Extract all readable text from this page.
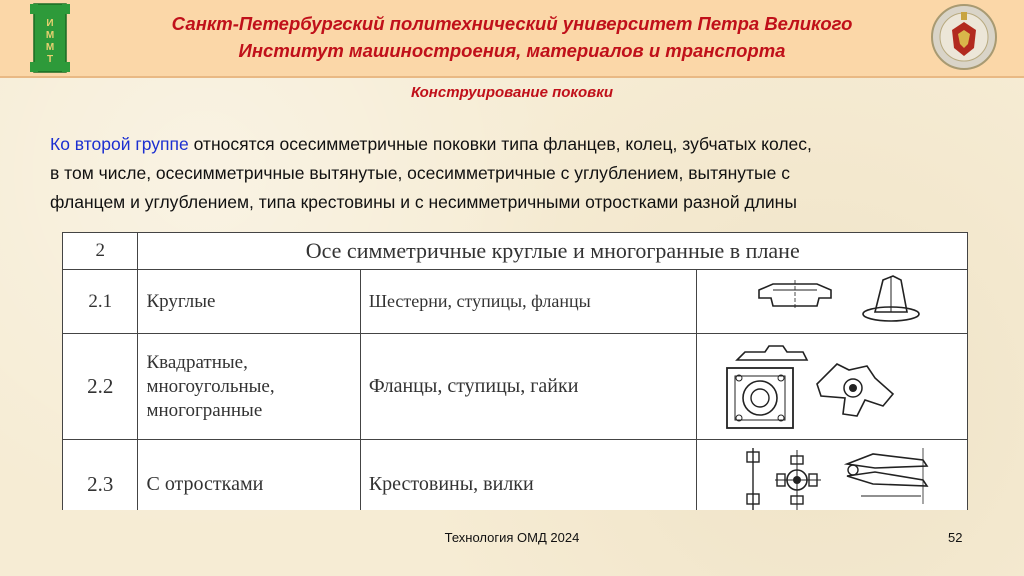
И
М
М
Т
Санкт-Петербургский политехнический университет Петра Великого
Институт машиностроения, материалов и транспорта
Конструирование поковки
Ко второй группе относятся осесимметричные поковки типа фланцев, колец, зубчатых колес,
в том числе, осесимметричные вытянутые, осесимметричные с углублением, вытянутые с
фланцем и углублением, типа крестовины и с несимметричными отростками разной длины
2	Осе симметричные круглые и многогранные в плане		
2.1	Круглые	Шестерни, ступицы, фланцы	
2.2	Квадратные, многоугольные, многогранные	Фланцы, ступицы, гайки	
2.3	С отростками	Крестовины, вилки	
Технология ОМД 2024	52
